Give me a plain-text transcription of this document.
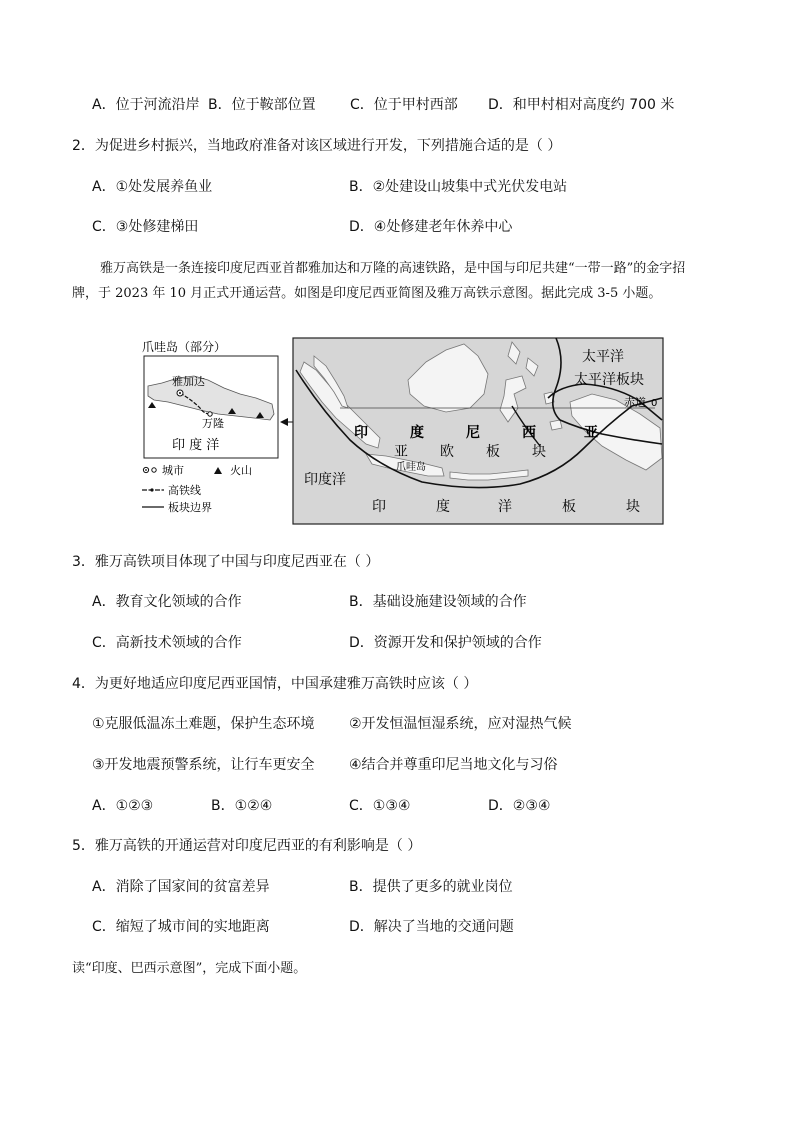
A．位于河流沿岸 B．位于鞍部位置 C．位于甲村西部 D．和甲村相对高度约 700 米
2．为促进乡村振兴，当地政府准备对该区域进行开发，下列措施合适的是（ ）
A．①处发展养鱼业	B．②处建设山坡集中式光伏发电站
C．③处修建梯田	D．④处修建老年休养中心
雅万高铁是一条连接印度尼西亚首都雅加达和万隆的高速铁路，是中国与印尼共建“一带一路”的金字招
牌，于 2023 年 10 月正式开通运营。如图是印度尼西亚简图及雅万高铁示意图。据此完成 3-5 小题。
爪哇岛（部分）
雅加达
万隆
印 度 洋
城市	火山
高铁线
板块边界
太平洋
太平洋板块
赤道 0
印	度	尼	西	亚
亚 欧 板 块
爪哇岛
印度洋
印	度	洋	板	块
3．雅万高铁项目体现了中国与印度尼西亚在（ ）
A．教育文化领域的合作	B．基础设施建设领域的合作
C．高新技术领域的合作	D．资源开发和保护领域的合作
4．为更好地适应印度尼西亚国情，中国承建雅万高铁时应该（ ）
①克服低温冻土难题，保护生态环境 ②开发恒温恒湿系统，应对湿热气候
③开发地震预警系统，让行车更安全 ④结合并尊重印尼当地文化与习俗
A．①②③	B．①②④	C．①③④	D．②③④
5．雅万高铁的开通运营对印度尼西亚的有利影响是（ ）
A．消除了国家间的贫富差异	B．提供了更多的就业岗位
C．缩短了城市间的实地距离	D．解决了当地的交通问题
读“印度、巴西示意图”，完成下面小题。
